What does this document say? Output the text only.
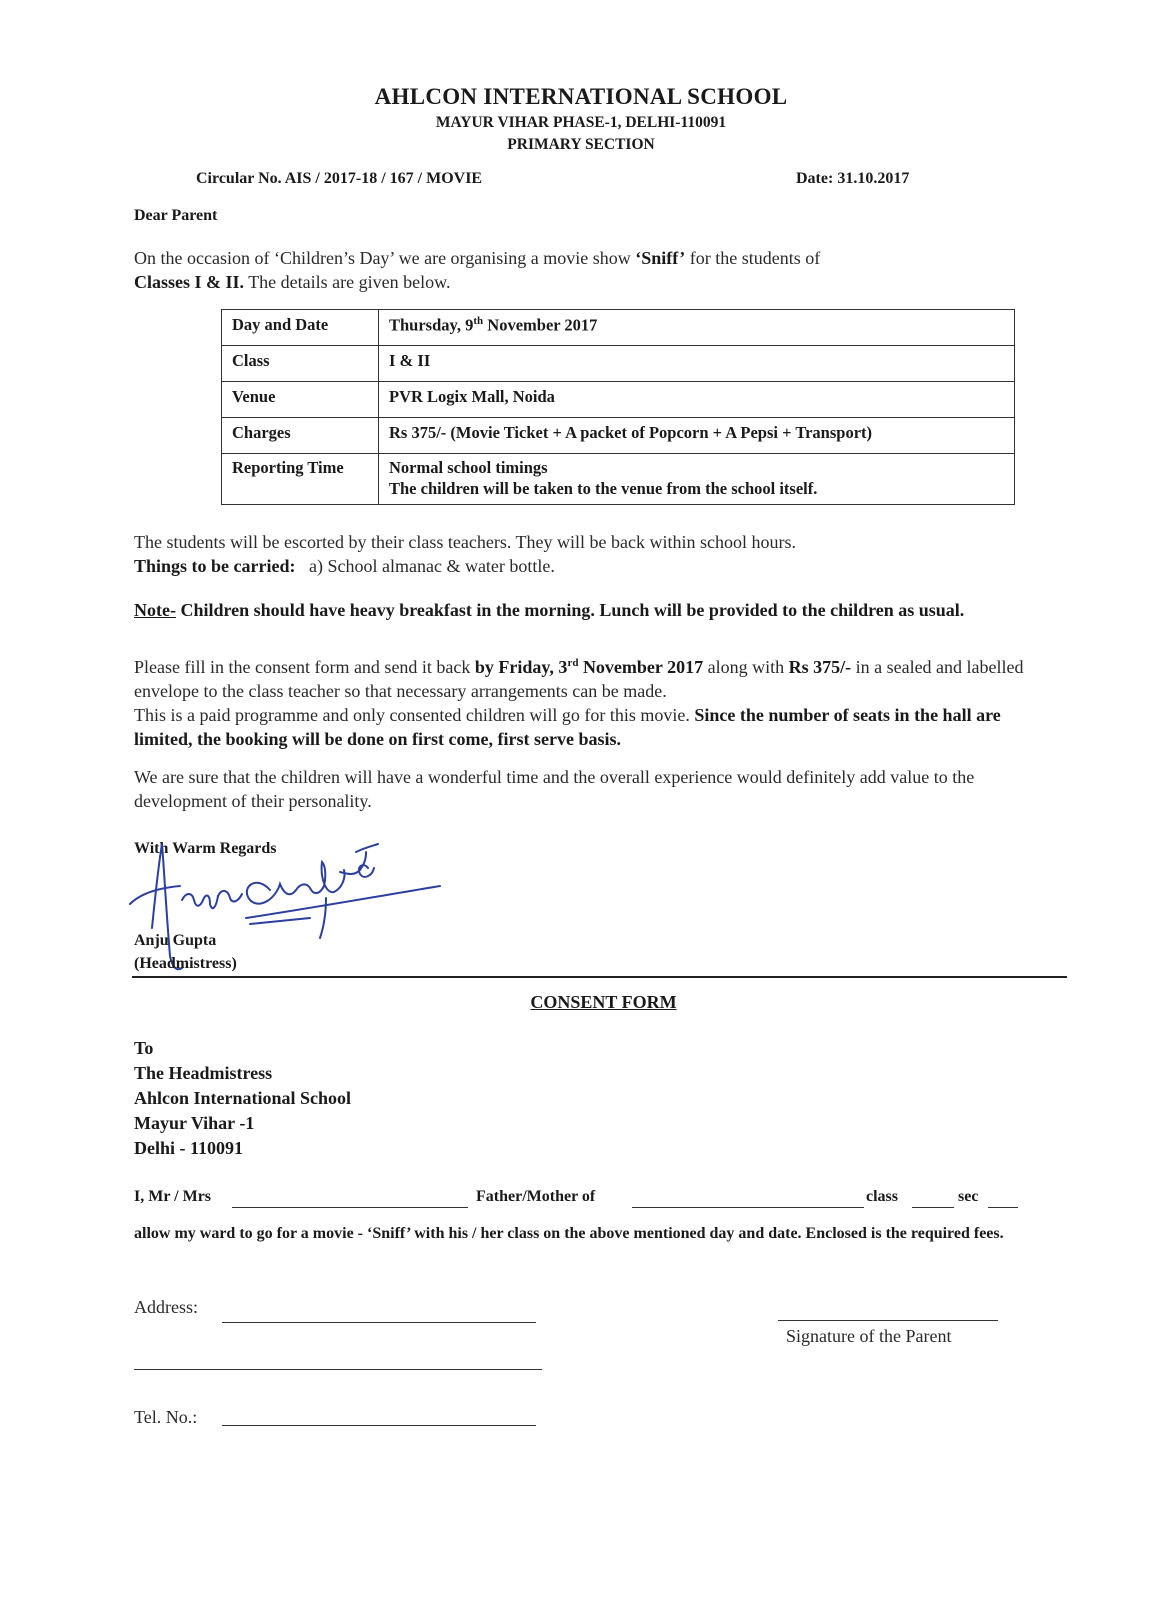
AHLCON INTERNATIONAL SCHOOL
MAYUR VIHAR PHASE-1, DELHI-110091
PRIMARY SECTION
Circular No. AIS / 2017-18 / 167 / MOVIE	Date: 31.10.2017
Dear Parent
On the occasion of ‘Children’s Day’ we are organising a movie show ‘Sniff’ for the students of
Classes I & II. The details are given below.
Day and Date	Thursday, 9th November 2017
Class	I & II
Venue	PVR Logix Mall, Noida
Charges	Rs 375/- (Movie Ticket + A packet of Popcorn + A Pepsi + Transport)
Reporting Time	Normal school timings
The children will be taken to the venue from the school itself.
The students will be escorted by their class teachers. They will be back within school hours.
Things to be carried: a) School almanac & water bottle.
Note- Children should have heavy breakfast in the morning. Lunch will be provided to the children as usual.
Please fill in the consent form and send it back by Friday, 3rd November 2017 along with Rs 375/- in a sealed and labelled envelope to the class teacher so that necessary arrangements can be made.
This is a paid programme and only consented children will go for this movie. Since the number of seats in the hall are limited, the booking will be done on first come, first serve basis.
We are sure that the children will have a wonderful time and the overall experience would definitely add value to the development of their personality.
With Warm Regards
Anju Gupta
(Headmistress)
CONSENT FORM
To
The Headmistress
Ahlcon International School
Mayur Vihar -1
Delhi - 110091
I, Mr / Mrs	Father/Mother of	class	sec
allow my ward to go for a movie - ‘Sniff’ with his / her class on the above mentioned day and date. Enclosed is the required fees.
Address:
Signature of the Parent
Tel. No.:
